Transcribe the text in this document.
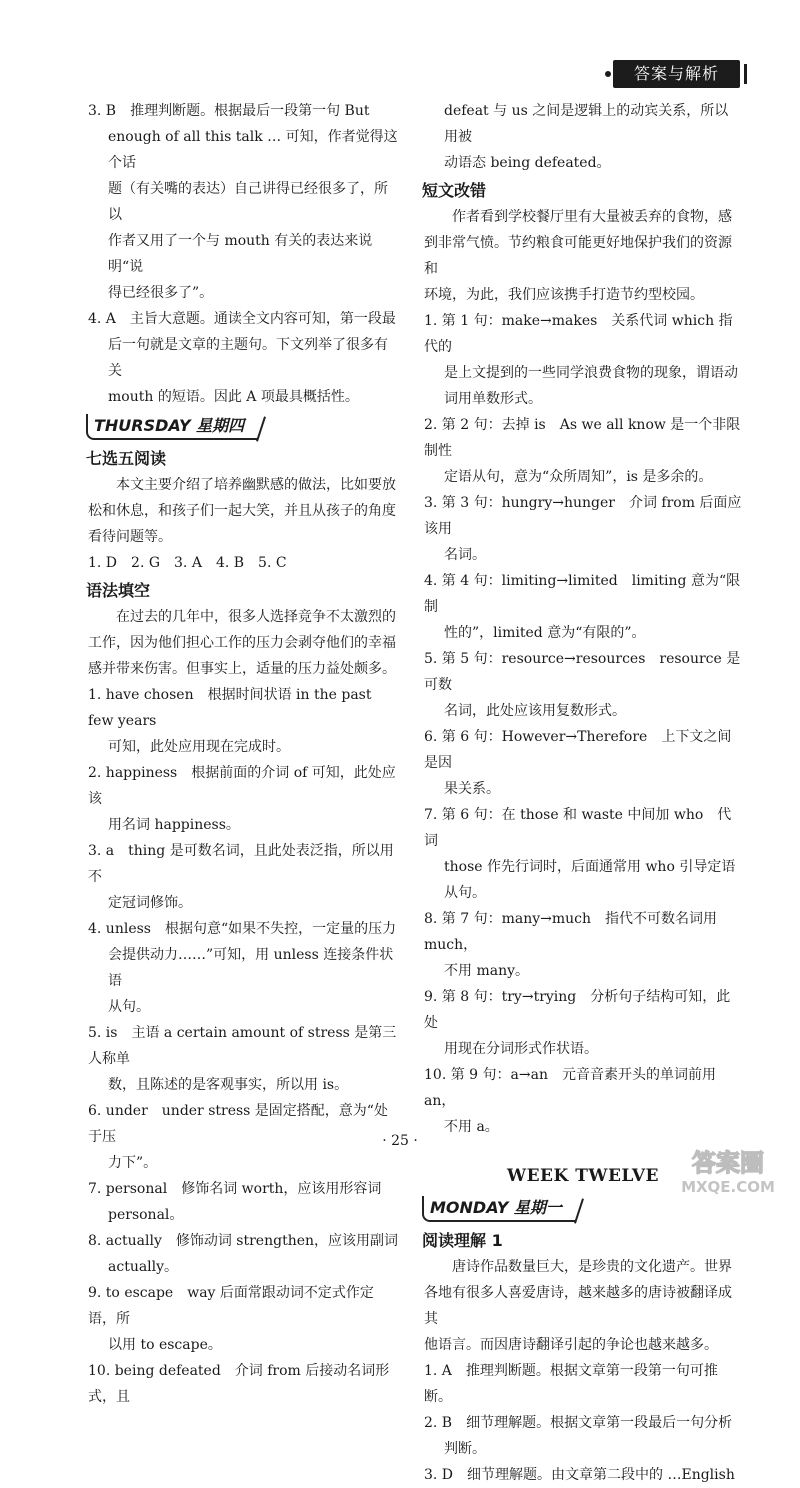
答案与解析

3. B　推理判断题。根据最后一段第一句 But

enough of all this talk … 可知，作者觉得这个话

题（有关嘴的表达）自己讲得已经很多了，所以

作者又用了一个与 mouth 有关的表达来说明“说

得已经很多了”。

4. A　主旨大意题。通读全文内容可知，第一段最

后一句就是文章的主题句。下文列举了很多有关

mouth 的短语。因此 A 项最具概括性。

THURSDAY 星期四
七选五阅读

本文主要介绍了培养幽默感的做法，比如要放

松和休息，和孩子们一起大笑，并且从孩子的角度

看待问题等。

1. D　2. G　3. A　4. B　5. C

语法填空

在过去的几年中，很多人选择竞争不太激烈的

工作，因为他们担心工作的压力会剥夺他们的幸福

感并带来伤害。但事实上，适量的压力益处颇多。

1. have chosen　根据时间状语 in the past few years

可知，此处应用现在完成时。

2. happiness　根据前面的介词 of 可知，此处应该

用名词 happiness。

3. a　thing 是可数名词，且此处表泛指，所以用不

定冠词修饰。

4. unless　根据句意“如果不失控，一定量的压力

会提供动力……”可知，用 unless 连接条件状语

从句。

5. is　主语 a certain amount of stress 是第三人称单

数，且陈述的是客观事实，所以用 is。

6. under　under stress 是固定搭配，意为“处于压

力下”。

7. personal　修饰名词 worth，应该用形容词

personal。

8. actually　修饰动词 strengthen，应该用副词

actually。

9. to escape　way 后面常跟动词不定式作定语，所

以用 to escape。

10. being defeated　介词 from 后接动名词形式，且

defeat 与 us 之间是逻辑上的动宾关系，所以用被

动语态 being defeated。

短文改错

作者看到学校餐厅里有大量被丢弃的食物，感

到非常气愤。节约粮食可能更好地保护我们的资源和

环境，为此，我们应该携手打造节约型校园。

1. 第 1 句：make→makes　关系代词 which 指代的

是上文提到的一些同学浪费食物的现象，谓语动

词用单数形式。

2. 第 2 句：去掉 is　As we all know 是一个非限制性

定语从句，意为“众所周知”，is 是多余的。

3. 第 3 句：hungry→hunger　介词 from 后面应该用

名词。

4. 第 4 句：limiting→limited　limiting 意为“限制

性的”，limited 意为“有限的”。

5. 第 5 句：resource→resources　resource 是可数

名词，此处应该用复数形式。

6. 第 6 句：However→Therefore　上下文之间是因

果关系。

7. 第 6 句：在 those 和 waste 中间加 who　代词

those 作先行词时，后面通常用 who 引导定语从句。

8. 第 7 句：many→much　指代不可数名词用 much，

不用 many。

9. 第 8 句：try→trying　分析句子结构可知，此处

用现在分词形式作状语。

10. 第 9 句：a→an　元音音素开头的单词前用 an，

不用 a。

WEEK TWELVE
MONDAY 星期一
阅读理解 1

唐诗作品数量巨大，是珍贵的文化遗产。世界

各地有很多人喜爱唐诗，越来越多的唐诗被翻译成其

他语言。而因唐诗翻译引起的争论也越来越多。

1. A　推理判断题。根据文章第一段第一句可推断。

2. B　细节理解题。根据文章第一段最后一句分析

判断。

3. D　细节理解题。由文章第二段中的 …English

· 25 ·
答案圈
MXQE.COM
